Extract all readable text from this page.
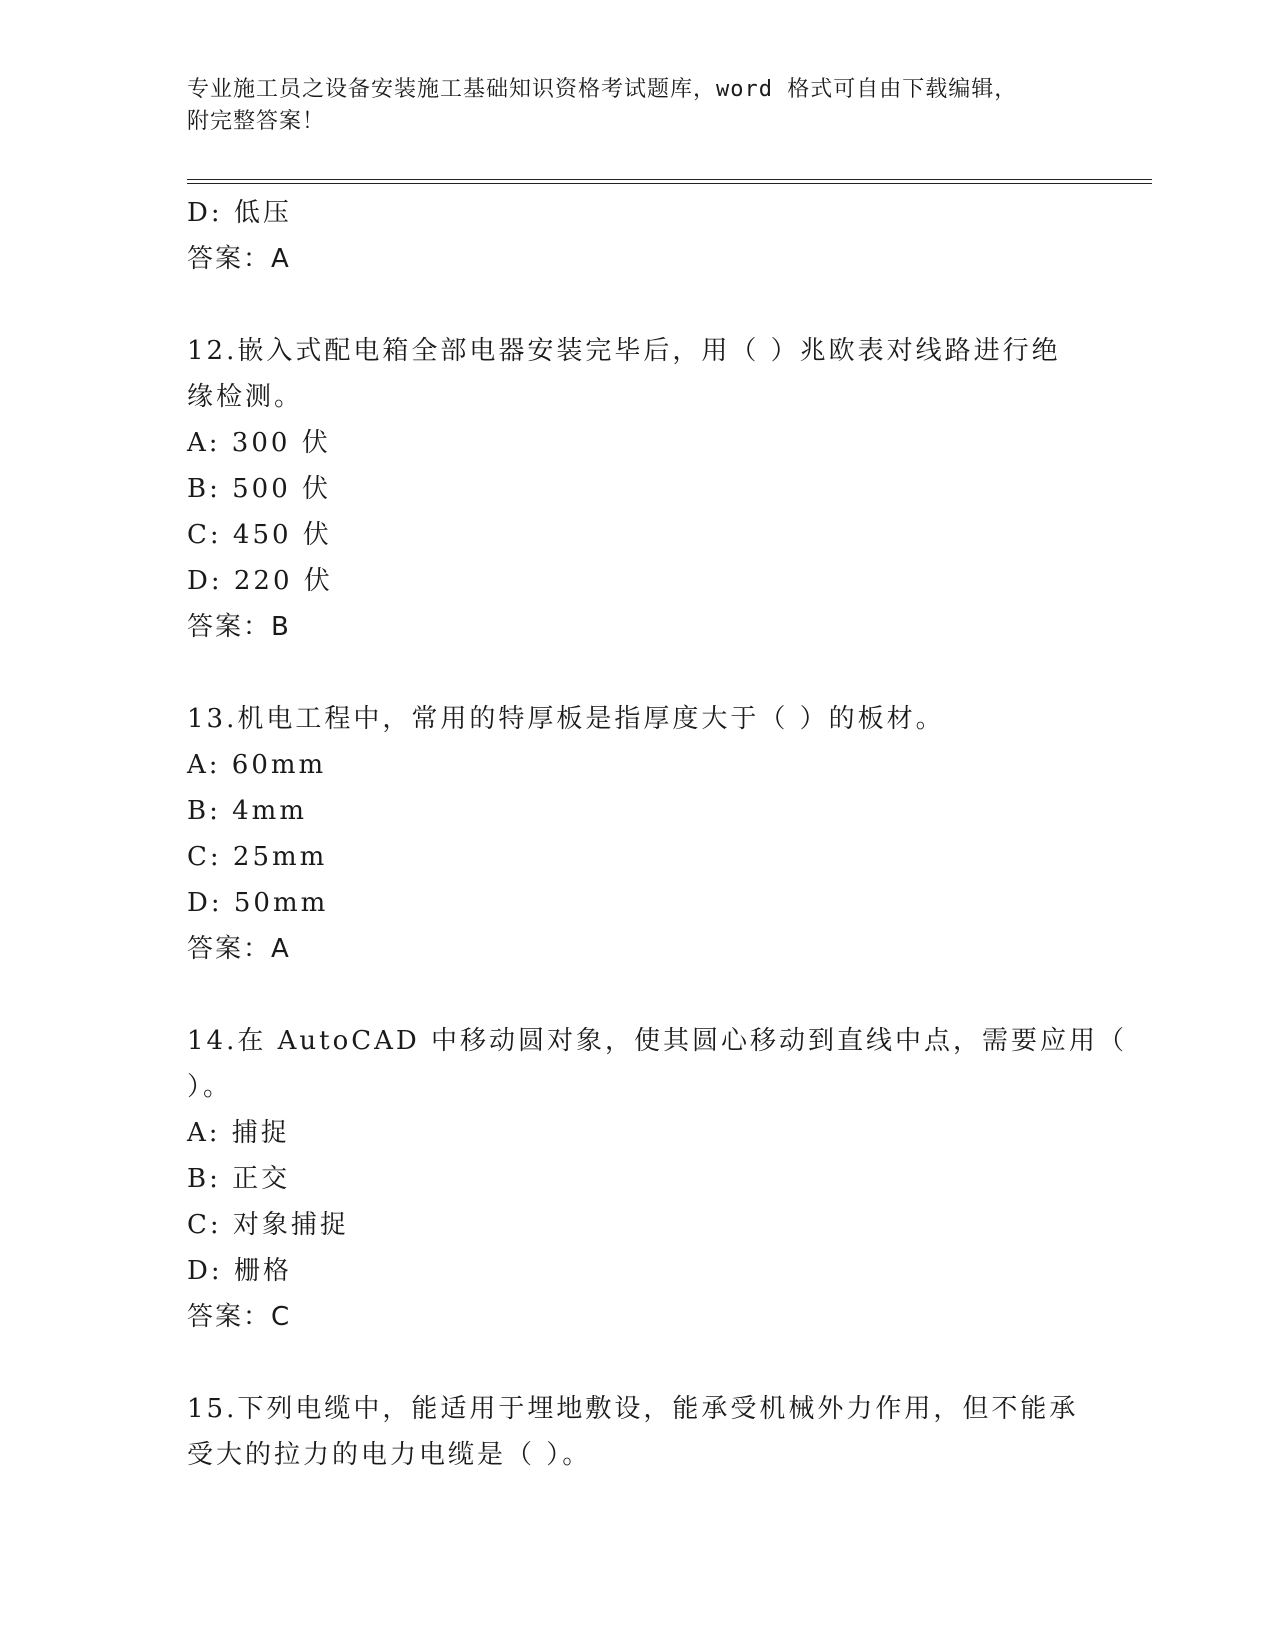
专业施工员之设备安装施工基础知识资格考试题库，word 格式可自由下载编辑，
附完整答案！
D: 低压
答案：A
12.嵌入式配电箱全部电器安装完毕后，用（ ）兆欧表对线路进行绝
缘检测。
A: 300 伏
B: 500 伏
C: 450 伏
D: 220 伏
答案：B
13.机电工程中，常用的特厚板是指厚度大于（ ）的板材。
A: 60mm
B: 4mm
C: 25mm
D: 50mm
答案：A
14.在 AutoCAD 中移动圆对象，使其圆心移动到直线中点，需要应用（
）。
A: 捕捉
B: 正交
C: 对象捕捉
D: 栅格
答案：C
15.下列电缆中，能适用于埋地敷设，能承受机械外力作用，但不能承
受大的拉力的电力电缆是（ ）。
